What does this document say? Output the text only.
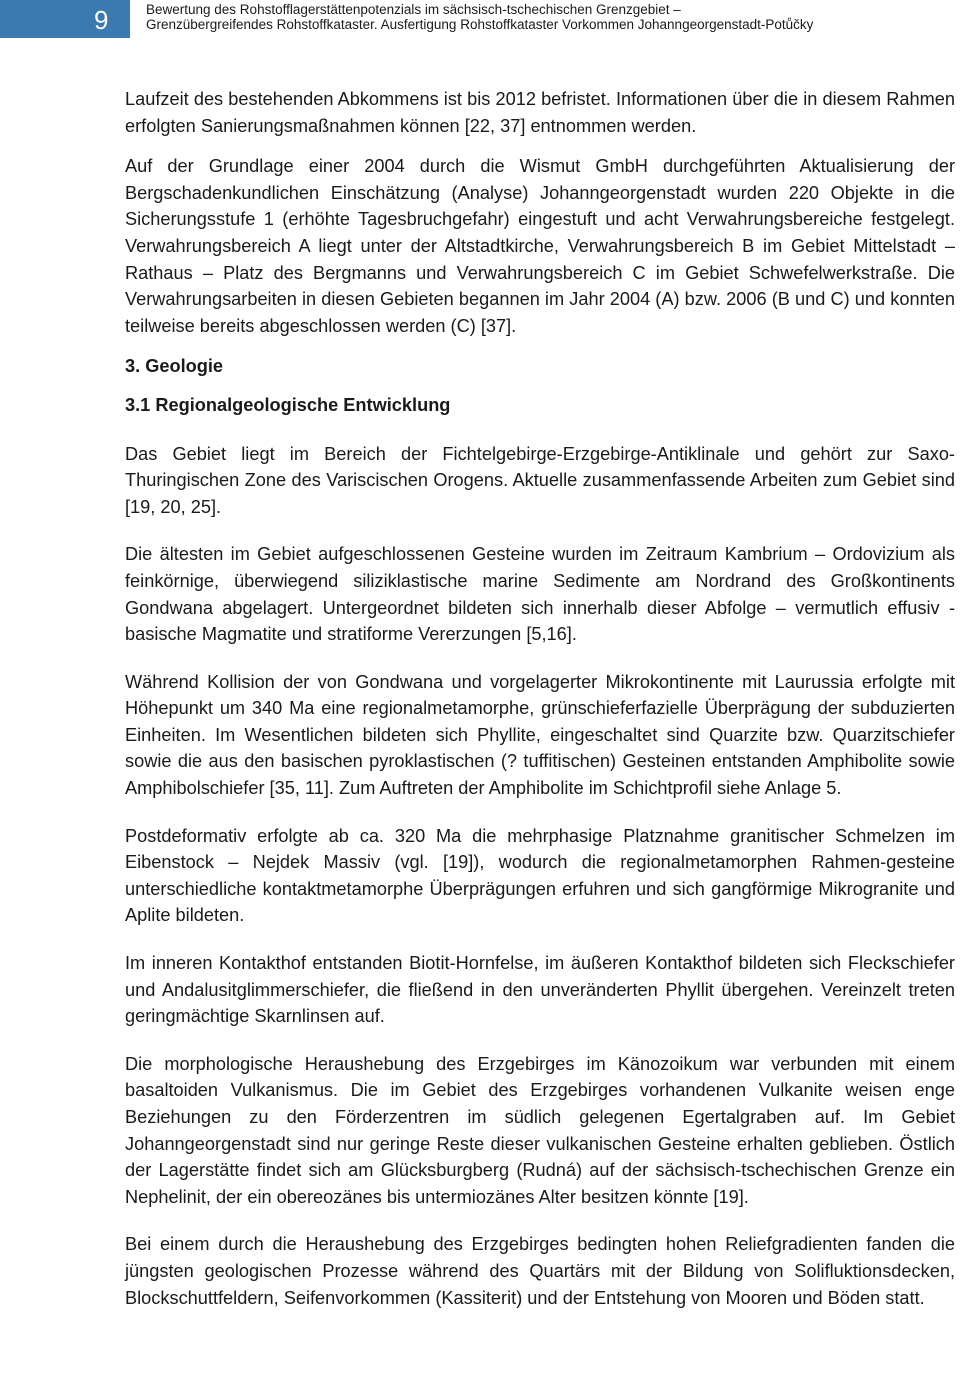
9	Bewertung des Rohstofflagerstättenpotenzials im sächsisch-tschechischen Grenzgebiet –
Grenzübergreifendes Rohstoffkataster. Ausfertigung Rohstoffkataster Vorkommen Johanngeorgenstadt-Potůčky

Laufzeit des bestehenden Abkommens ist bis 2012 befristet. Informationen über die in diesem Rahmen erfolgten Sanierungsmaßnahmen können [22, 37] entnommen werden.

Auf der Grundlage einer 2004 durch die Wismut GmbH durchgeführten Aktualisierung der Bergschadenkundlichen Einschätzung (Analyse) Johanngeorgenstadt wurden 220 Objekte in die Sicherungsstufe 1 (erhöhte Tagesbruchgefahr) eingestuft und acht Verwahrungsbereiche festgelegt. Verwahrungsbereich A liegt unter der Altstadtkirche, Verwahrungsbereich B im Gebiet Mittelstadt – Rathaus – Platz des Bergmanns und Verwahrungsbereich C im Gebiet Schwefelwerkstraße. Die Verwahrungsarbeiten in diesen Gebieten begannen im Jahr 2004 (A) bzw. 2006 (B und C) und konnten teilweise bereits abgeschlossen werden (C) [37].

3. Geologie
3.1 Regionalgeologische Entwicklung

Das Gebiet liegt im Bereich der Fichtelgebirge-Erzgebirge-Antiklinale und gehört zur Saxo-Thuringischen Zone des Variscischen Orogens. Aktuelle zusammenfassende Arbeiten zum Gebiet sind [19, 20, 25].

Die ältesten im Gebiet aufgeschlossenen Gesteine wurden im Zeitraum Kambrium – Ordovizium als feinkörnige, überwiegend siliziklastische marine Sedimente am Nordrand des Großkontinents Gondwana abgelagert. Untergeordnet bildeten sich innerhalb dieser Abfolge – vermutlich effusiv - basische Magmatite und stratiforme Vererzungen [5,16].

Während Kollision der von Gondwana und vorgelagerter Mikrokontinente mit Laurussia erfolgte mit Höhepunkt um 340 Ma eine regionalmetamorphe, grünschieferfazielle Überprägung der subduzierten Einheiten. Im Wesentlichen bildeten sich Phyllite, eingeschaltet sind Quarzite bzw. Quarzitschiefer sowie die aus den basischen pyroklastischen (? tuffitischen) Gesteinen entstanden Amphibolite sowie Amphibolschiefer [35, 11]. Zum Auftreten der Amphibolite im Schichtprofil siehe Anlage 5.

Postdeformativ erfolgte ab ca. 320 Ma die mehrphasige Platznahme granitischer Schmelzen im Eibenstock – Nejdek Massiv (vgl. [19]), wodurch die regionalmetamorphen Rahmen-gesteine unterschiedliche kontaktmetamorphe Überprägungen erfuhren und sich gangförmige Mikrogranite und Aplite bildeten.

Im inneren Kontakthof entstanden Biotit-Hornfelse, im äußeren Kontakthof bildeten sich Fleckschiefer und Andalusitglimmerschiefer, die fließend in den unveränderten Phyllit übergehen. Vereinzelt treten geringmächtige Skarnlinsen auf.

Die morphologische Heraushebung des Erzgebirges im Känozoikum war verbunden mit einem basaltoiden Vulkanismus. Die im Gebiet des Erzgebirges vorhandenen Vulkanite weisen enge Beziehungen zu den Förderzentren im südlich gelegenen Egertalgraben auf. Im Gebiet Johanngeorgenstadt sind nur geringe Reste dieser vulkanischen Gesteine erhalten geblieben. Östlich der Lagerstätte findet sich am Glücksburgberg (Rudná) auf der sächsisch-tschechischen Grenze ein Nephelinit, der ein obereozänes bis untermiozänes Alter besitzen könnte [19].

Bei einem durch die Heraushebung des Erzgebirges bedingten hohen Reliefgradienten fanden die jüngsten geologischen Prozesse während des Quartärs mit der Bildung von Solifluktionsdecken, Blockschuttfeldern, Seifenvorkommen (Kassiterit) und der Entstehung von Mooren und Böden statt.
